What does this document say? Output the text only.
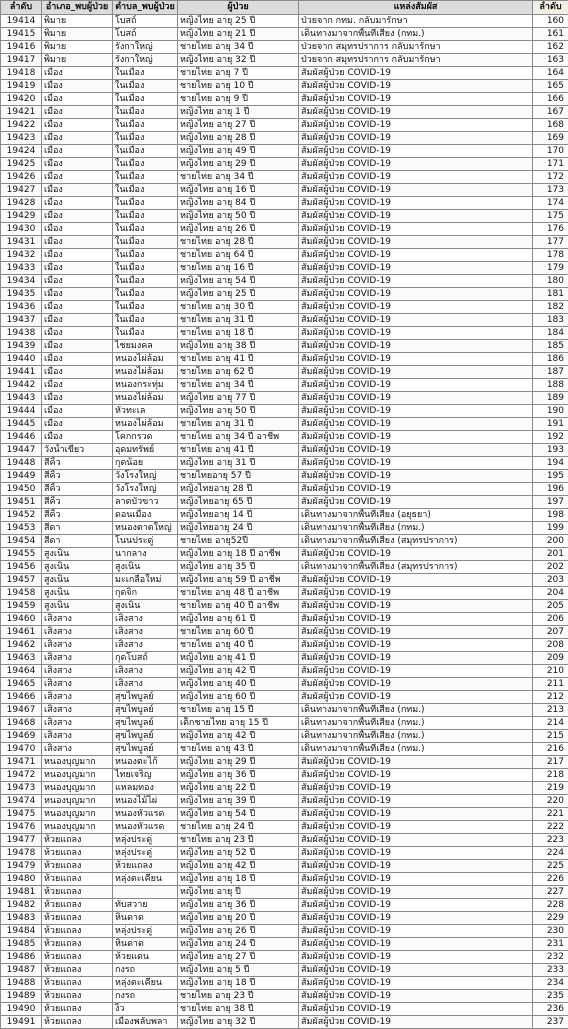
ลำดับ	อำเภอ_พบผู้ป่วย	ตำบล_พบผู้ป่วย	ผู้ป่วย	แหล่งสัมผัส	ลำดับ
19414	พิมาย	โบสถ์	หญิงไทย อายุ 25 ปี	ป่วยจาก กทม. กลับมารักษา	160
19415	พิมาย	โบสถ์	หญิงไทย อายุ 21 ปี	เดินทางมาจากพื้นที่เสี่ยง (กทม.)	161
19416	พิมาย	รังกาใหญ่	ชายไทย อายุ 34 ปี	ป่วยจาก สมุทรปราการ กลับมารักษา	162
19417	พิมาย	รังกาใหญ่	หญิงไทย อายุ 32 ปี	ป่วยจาก สมุทรปราการ กลับมารักษา	163
19418	เมือง	ในเมือง	ชายไทย อายุ 7 ปี	สัมผัสผู้ป่วย COVID-19	164
19419	เมือง	ในเมือง	ชายไทย อายุ 10 ปี	สัมผัสผู้ป่วย COVID-19	165
19420	เมือง	ในเมือง	ชายไทย อายุ 9 ปี	สัมผัสผู้ป่วย COVID-19	166
19421	เมือง	ในเมือง	หญิงไทย อายุ 1 ปี	สัมผัสผู้ป่วย COVID-19	167
19422	เมือง	ในเมือง	หญิงไทย อายุ 27 ปี	สัมผัสผู้ป่วย COVID-19	168
19423	เมือง	ในเมือง	หญิงไทย อายุ 28 ปี	สัมผัสผู้ป่วย COVID-19	169
19424	เมือง	ในเมือง	หญิงไทย อายุ 49 ปี	สัมผัสผู้ป่วย COVID-19	170
19425	เมือง	ในเมือง	หญิงไทย อายุ 29 ปี	สัมผัสผู้ป่วย COVID-19	171
19426	เมือง	ในเมือง	ชายไทย อายุ 34 ปี	สัมผัสผู้ป่วย COVID-19	172
19427	เมือง	ในเมือง	หญิงไทย อายุ 16 ปี	สัมผัสผู้ป่วย COVID-19	173
19428	เมือง	ในเมือง	หญิงไทย อายุ 84 ปี	สัมผัสผู้ป่วย COVID-19	174
19429	เมือง	ในเมือง	หญิงไทย อายุ 50 ปี	สัมผัสผู้ป่วย COVID-19	175
19430	เมือง	ในเมือง	หญิงไทย อายุ 26 ปี	สัมผัสผู้ป่วย COVID-19	176
19431	เมือง	ในเมือง	ชายไทย อายุ 28 ปี	สัมผัสผู้ป่วย COVID-19	177
19432	เมือง	ในเมือง	ชายไทย อายุ 64 ปี	สัมผัสผู้ป่วย COVID-19	178
19433	เมือง	ในเมือง	ชายไทย อายุ 16 ปี	สัมผัสผู้ป่วย COVID-19	179
19434	เมือง	ในเมือง	หญิงไทย อายุ 54 ปี	สัมผัสผู้ป่วย COVID-19	180
19435	เมือง	ในเมือง	หญิงไทย อายุ 25 ปี	สัมผัสผู้ป่วย COVID-19	181
19436	เมือง	ในเมือง	ชายไทย อายุ 30 ปี	สัมผัสผู้ป่วย COVID-19	182
19437	เมือง	ในเมือง	ชายไทย อายุ 31 ปี	สัมผัสผู้ป่วย COVID-19	183
19438	เมือง	ในเมือง	ชายไทย อายุ 18 ปี	สัมผัสผู้ป่วย COVID-19	184
19439	เมือง	ไชยมงคล	หญิงไทย อายุ 38 ปี	สัมผัสผู้ป่วย COVID-19	185
19440	เมือง	หนองไผ่ล้อม	ชายไทย อายุ 41 ปี	สัมผัสผู้ป่วย COVID-19	186
19441	เมือง	หนองไผ่ล้อม	ชายไทย อายุ 62 ปี	สัมผัสผู้ป่วย COVID-19	187
19442	เมือง	หนองกระทุ่ม	ชายไทย อายุ 34 ปี	สัมผัสผู้ป่วย COVID-19	188
19443	เมือง	หนองไผ่ล้อม	หญิงไทย อายุ 77 ปี	สัมผัสผู้ป่วย COVID-19	189
19444	เมือง	หัวทะเล	หญิงไทย อายุ 50 ปี	สัมผัสผู้ป่วย COVID-19	190
19445	เมือง	หนองไผ่ล้อม	ชายไทย อายุ 31 ปี	สัมผัสผู้ป่วย COVID-19	191
19446	เมือง	โคกกรวด	ชายไทย อายุ 34 ปี อาชีพ	สัมผัสผู้ป่วย COVID-19	192
19447	วังน้ำเขียว	อุดมทรัพย์	ชายไทย อายุ 41 ปี	สัมผัสผู้ป่วย COVID-19	193
19448	สีคิ้ว	กุดน้อย	หญิงไทย อายุ 31 ปี	สัมผัสผู้ป่วย COVID-19	194
19449	สีคิ้ว	วังโรงใหญ่	ชายไทยอายุ 57 ปี	สัมผัสผู้ป่วย COVID-19	195
19450	สีคิ้ว	วังโรงใหญ่	หญิงไทยอายุ 28 ปี	สัมผัสผู้ป่วย COVID-19	196
19451	สีคิ้ว	ลาดบัวขาว	หญิงไทยอายุ 65 ปี	สัมผัสผู้ป่วย COVID-19	197
19452	สีคิ้ว	ดอนเมือง	หญิงไทยอายุ 14 ปี	เดินทางมาจากพื้นที่เสี่ยง (อยุธยา)	198
19453	สีดา	หนองตาดใหญ่	หญิงไทยอายุ 24 ปี	เดินทางมาจากพื้นที่เสี่ยง (กทม.)	199
19454	สีดา	โนนประดู่	ชายไทย อายุ52ปี	เดินทางมาจากพื้นที่เสี่ยง (สมุทรปราการ)	200
19455	สูงเนิน	นากลาง	หญิงไทย อายุ 18 ปี อาชีพ	สัมผัสผู้ป่วย COVID-19	201
19456	สูงเนิน	สูงเนิน	หญิงไทย อายุ 35 ปี	เดินทางมาจากพื้นที่เสี่ยง (สมุทรปราการ)	202
19457	สูงเนิน	มะเกลือใหม่	หญิงไทย อายุ 59 ปี อาชีพ	สัมผัสผู้ป่วย COVID-19	203
19458	สูงเนิน	กุดจิก	ชายไทย อายุ 48 ปี อาชีพ	สัมผัสผู้ป่วย COVID-19	204
19459	สูงเนิน	สูงเนิน	ชายไทย อายุ 40 ปี อาชีพ	สัมผัสผู้ป่วย COVID-19	205
19460	เสิงสาง	เสิงสาง	หญิงไทย อายุ 61 ปี	สัมผัสผู้ป่วย COVID-19	206
19461	เสิงสาง	เสิงสาง	ชายไทย อายุ 60 ปี	สัมผัสผู้ป่วย COVID-19	207
19462	เสิงสาง	เสิงสาง	ชายไทย อายุ 40 ปี	สัมผัสผู้ป่วย COVID-19	208
19463	เสิงสาง	กุดโบสถ์	หญิงไทย อายุ 41 ปี	สัมผัสผู้ป่วย COVID-19	209
19464	เสิงสาง	เสิงสาง	หญิงไทย อายุ 42 ปี	สัมผัสผู้ป่วย COVID-19	210
19465	เสิงสาง	เสิงสาง	หญิงไทย อายุ 40 ปี	สัมผัสผู้ป่วย COVID-19	211
19466	เสิงสาง	สุขไพบูลย์	หญิงไทย อายุ 60 ปี	สัมผัสผู้ป่วย COVID-19	212
19467	เสิงสาง	สุขไพบูลย์	ชายไทย อายุ 15 ปี	เดินทางมาจากพื้นที่เสี่ยง (กทม.)	213
19468	เสิงสาง	สุขไพบูลย์	เด็กชายไทย อายุ 15 ปี	เดินทางมาจากพื้นที่เสี่ยง (กทม.)	214
19469	เสิงสาง	สุขไพบูลย์	หญิงไทย อายุ 42 ปี	เดินทางมาจากพื้นที่เสี่ยง (กทม.)	215
19470	เสิงสาง	สุขไพบูลย์	ชายไทย อายุ 43 ปี	เดินทางมาจากพื้นที่เสี่ยง (กทม.)	216
19471	หนองบุญมาก	หนองตะไก้	หญิงไทย อายุ 29 ปี	สัมผัสผู้ป่วย COVID-19	217
19472	หนองบุญมาก	ไทยเจริญ	หญิงไทย อายุ 36 ปี	สัมผัสผู้ป่วย COVID-19	218
19473	หนองบุญมาก	แหลมทอง	หญิงไทย อายุ 22 ปี	สัมผัสผู้ป่วย COVID-19	219
19474	หนองบุญมาก	หนองไม้ไผ่	หญิงไทย อายุ 39 ปี	สัมผัสผู้ป่วย COVID-19	220
19475	หนองบุญมาก	หนองหัวแรด	หญิงไทย อายุ 54 ปี	สัมผัสผู้ป่วย COVID-19	221
19476	หนองบุญมาก	หนองหัวแรด	ชายไทย อายุ 24 ปี	สัมผัสผู้ป่วย COVID-19	222
19477	ห้วยแถลง	หลุ่งประดู่	ชายไทย อายุ 23 ปี	สัมผัสผู้ป่วย COVID-19	223
19478	ห้วยแถลง	หลุ่งประดู่	หญิงไทย อายุ 52 ปี	สัมผัสผู้ป่วย COVID-19	224
19479	ห้วยแถลง	ห้วยแถลง	หญิงไทย อายุ 42 ปี	สัมผัสผู้ป่วย COVID-19	225
19480	ห้วยแถลง	หลุ่งตะเคียน	หญิงไทย อายุ 18 ปี	สัมผัสผู้ป่วย COVID-19	226
19481	ห้วยแถลง		หญิงไทย อายุ ปี	สัมผัสผู้ป่วย COVID-19	227
19482	ห้วยแถลง	ทับสวาย	หญิงไทย อายุ 36 ปี	สัมผัสผู้ป่วย COVID-19	228
19483	ห้วยแถลง	หินดาด	หญิงไทย อายุ 20 ปี	สัมผัสผู้ป่วย COVID-19	229
19484	ห้วยแถลง	หลุ่งประดู่	หญิงไทย อายุ 26 ปี	สัมผัสผู้ป่วย COVID-19	230
19485	ห้วยแถลง	หินดาด	หญิงไทย อายุ 24 ปี	สัมผัสผู้ป่วย COVID-19	231
19486	ห้วยแถลง	ห้วยแดน	หญิงไทย อายุ 27 ปี	สัมผัสผู้ป่วย COVID-19	232
19487	ห้วยแถลง	กงรถ	หญิงไทย อายุ 5 ปี	สัมผัสผู้ป่วย COVID-19	233
19488	ห้วยแถลง	หลุ่งตะเคียน	หญิงไทย อายุ 18 ปี	สัมผัสผู้ป่วย COVID-19	234
19489	ห้วยแถลง	กงรถ	ชายไทย อายุ 23 ปี	สัมผัสผู้ป่วย COVID-19	235
19490	ห้วยแถลง	งิ้ว	ชายไทย อายุ 38 ปี	สัมผัสผู้ป่วย COVID-19	236
19491	ห้วยแถลง	เมืองพลับพลา	หญิงไทย อายุ 32 ปี	สัมผัสผู้ป่วย COVID-19	237
